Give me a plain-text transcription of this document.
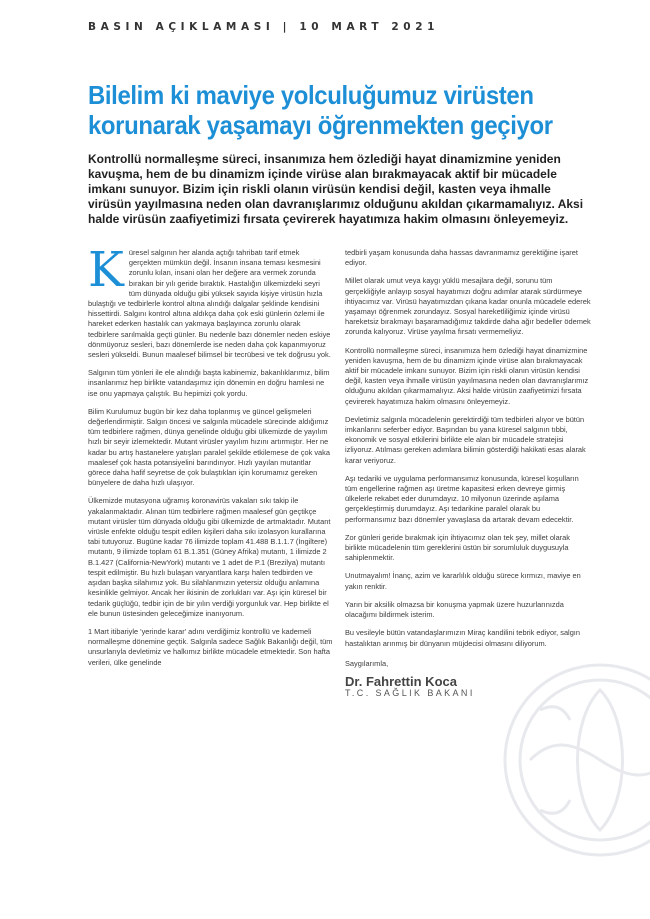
BASIN AÇIKLAMASI | 10 MART 2021
Bilelim ki maviye yolculuğumuz virüsten
korunarak yaşamayı öğrenmekten geçiyor

Kontrollü normalleşme süreci, insanımıza hem özlediği hayat dinamizmine yeniden kavuşma, hem de bu dinamizm içinde virüse alan bırakmayacak aktif bir mücadele imkanı sunuyor. Bizim için riskli olanın virüsün kendisi değil, kasten veya ihmalle virüsün yayılmasına neden olan davranışlarımız olduğunu akıldan çıkarmamalıyız. Aksi halde virüsün zaafiyetimizi fırsata çevirerek hayatımıza hakim olmasını önleyemeyiz.

Küresel salgının her alanda açtığı tahribatı tarif etmek gerçekten mümkün değil. İnsanın insana teması kesmesini zorunlu kılan, insani olan her değere ara vermek zorunda bırakan bir yılı geride bıraktık. Hastalığın ülkemizdeki seyri tüm dünyada olduğu gibi yüksek sayıda kişiye virüsün hızla bulaştığı ve tedbirlerle kontrol altına alındığı dalgalar şeklinde kendisini hissettirdi. Salgını kontrol altına aldıkça daha çok eski günlerin özlemi ile hareket ederken hastalık can yakmaya başlayınca zorunlu olarak tedbirlere sarılmakla geçti günler. Bu nedenle bazı dönemler neden eskiye dönmüyoruz sesleri, bazı dönemlerde ise neden daha çok kapanmıyoruz sesleri yükseldi. Bunun maalesef bilimsel bir tecrübesi ve tek doğrusu yok.

Salgının tüm yönleri ile ele alındığı başta kabinemiz, bakanlıklarımız, bilim insanlarımız hep birlikte vatandaşımız için dönemin en doğru hamlesi ne ise onu yapmaya çalıştık. Bu hepimizi çok yordu.

Bilim Kurulumuz bugün bir kez daha toplanmış ve güncel gelişmeleri değerlendirmiştir. Salgın öncesi ve salgınla mücadele sürecinde aldığımız tüm tedbirlere rağmen, dünya genelinde olduğu gibi ülkemizde de yayılım hızlı bir seyir izlemektedir. Mutant virüsler yayılım hızını artırmıştır. Her ne kadar bu artış hastanelere yatışları paralel şekilde etkilemese de çok vaka maalesef çok hasta potansiyelini barındırıyor. Hızlı yayılan mutantlar görece daha hafif seyretse de çok bulaştıkları için korumamız gereken bünyelere de daha hızlı ulaşıyor.

Ülkemizde mutasyona uğramış koronavirüs vakaları sıkı takip ile yakalanmaktadır. Alınan tüm tedbirlere rağmen maalesef gün geçtikçe mutant virüsler tüm dünyada olduğu gibi ülkemizde de artmaktadır. Mutant virüsle enfekte olduğu tespit edilen kişileri daha sıkı izolasyon kurallarına tabi tutuyoruz. Bugüne kadar 76 ilimizde toplam 41.488 B.1.1.7 (İngiltere) mutantı, 9 ilimizde toplam 61 B.1.351 (Güney Afrika) mutantı, 1 ilimizde 2 B.1.427 (California-NewYork) mutantı ve 1 adet de P.1 (Brezilya) mutantı tespit edilmiştir. Bu hızlı bulaşan varyantlara karşı halen tedbirden ve aşıdan başka silahımız yok. Bu silahlanmızın yetersiz olduğu anlamına kesinlikle gelmiyor. Ancak her ikisinin de zorlukları var. Aşı için küresel bir tedarik güçlüğü, tedbir için de bir yılın verdiği yorgunluk var. Hep birlikte el ele bunun üstesinden geleceğimize inanıyorum.

1 Mart itibariyle 'yerinde karar' adını verdiğimiz kontrollü ve kademeli normalleşme dönemine geçtik. Salgınla sadece Sağlık Bakanlığı değil, tüm unsurlarıyla devletimiz ve halkımız birlikte mücadele etmektedir. Son hafta verileri, ülke genelinde

tedbirli yaşam konusunda daha hassas davranmamız gerektiğine işaret ediyor.

Millet olarak umut veya kaygı yüklü mesajlara değil, sorunu tüm gerçekliğiyle anlayıp sosyal hayatımızı doğru adımlar atarak sürdürmeye ihtiyacımız var. Virüsü hayatımızdan çıkana kadar onunla mücadele ederek yaşamayı öğrenmek zorundayız. Sosyal hareketliliğimiz içinde virüsü hareketsiz bırakmayı başaramadığımız takdirde daha ağır bedeller ödemek zorunda kalıyoruz. Virüse yayılma fırsatı vermemeliyiz.

Kontrollü normalleşme süreci, insanımıza hem özlediği hayat dinamizmine yeniden kavuşma, hem de bu dinamizm içinde virüse alan bırakmayacak aktif bir mücadele imkanı sunuyor. Bizim için riskli olanın virüsün kendisi değil, kasten veya ihmalle virüsün yayılmasına neden olan davranışlarımız olduğunu akıldan çıkarmamalıyız. Aksi halde virüsün zaafiyetimizi fırsata çevirerek hayatımıza hakim olmasını önleyemeyiz.

Devletimiz salgınla mücadelenin gerektirdiği tüm tedbirleri alıyor ve bütün imkanlarını seferber ediyor. Başından bu yana küresel salgının tıbbi, ekonomik ve sosyal etkilerini birlikte ele alan bir mücadele stratejisi izliyoruz. Atılması gereken adımlara bilimin gösterdiği hakikati esas alarak karar veriyoruz.

Aşı tedariki ve uygulama performansımız konusunda, küresel koşulların tüm engellerine rağmen aşı üretme kapasitesi erken devreye girmiş ülkelerle rekabet eder durumdayız. 10 milyonun üzerinde aşılama gerçekleştirmiş durumdayız. Aşı tedarikine paralel olarak bu performansımız bazı dönemler yavaşlasa da artarak devam edecektir.

Zor günleri geride bırakmak için ihtiyacımız olan tek şey, millet olarak birlikte mücadelenin tüm gereklerini üstün bir sorumluluk duygusuyla sahiplenmektir.

Unutmayalım! İnanç, azim ve kararlılık olduğu sürece kırmızı, maviye en yakın renktir.

Yarın bir aksilik olmazsa bir konuşma yapmak üzere huzurlarınızda olacağımı bildirmek isterim.

Bu vesileyle bütün vatandaşlarımızın Miraç kandilini tebrik ediyor, salgın hastalıktan arınmış bir dünyanın müjdecisi olmasını diliyorum.

Saygılarımla,

Dr. Fahrettin Koca
T.C. SAĞLIK BAKANI
